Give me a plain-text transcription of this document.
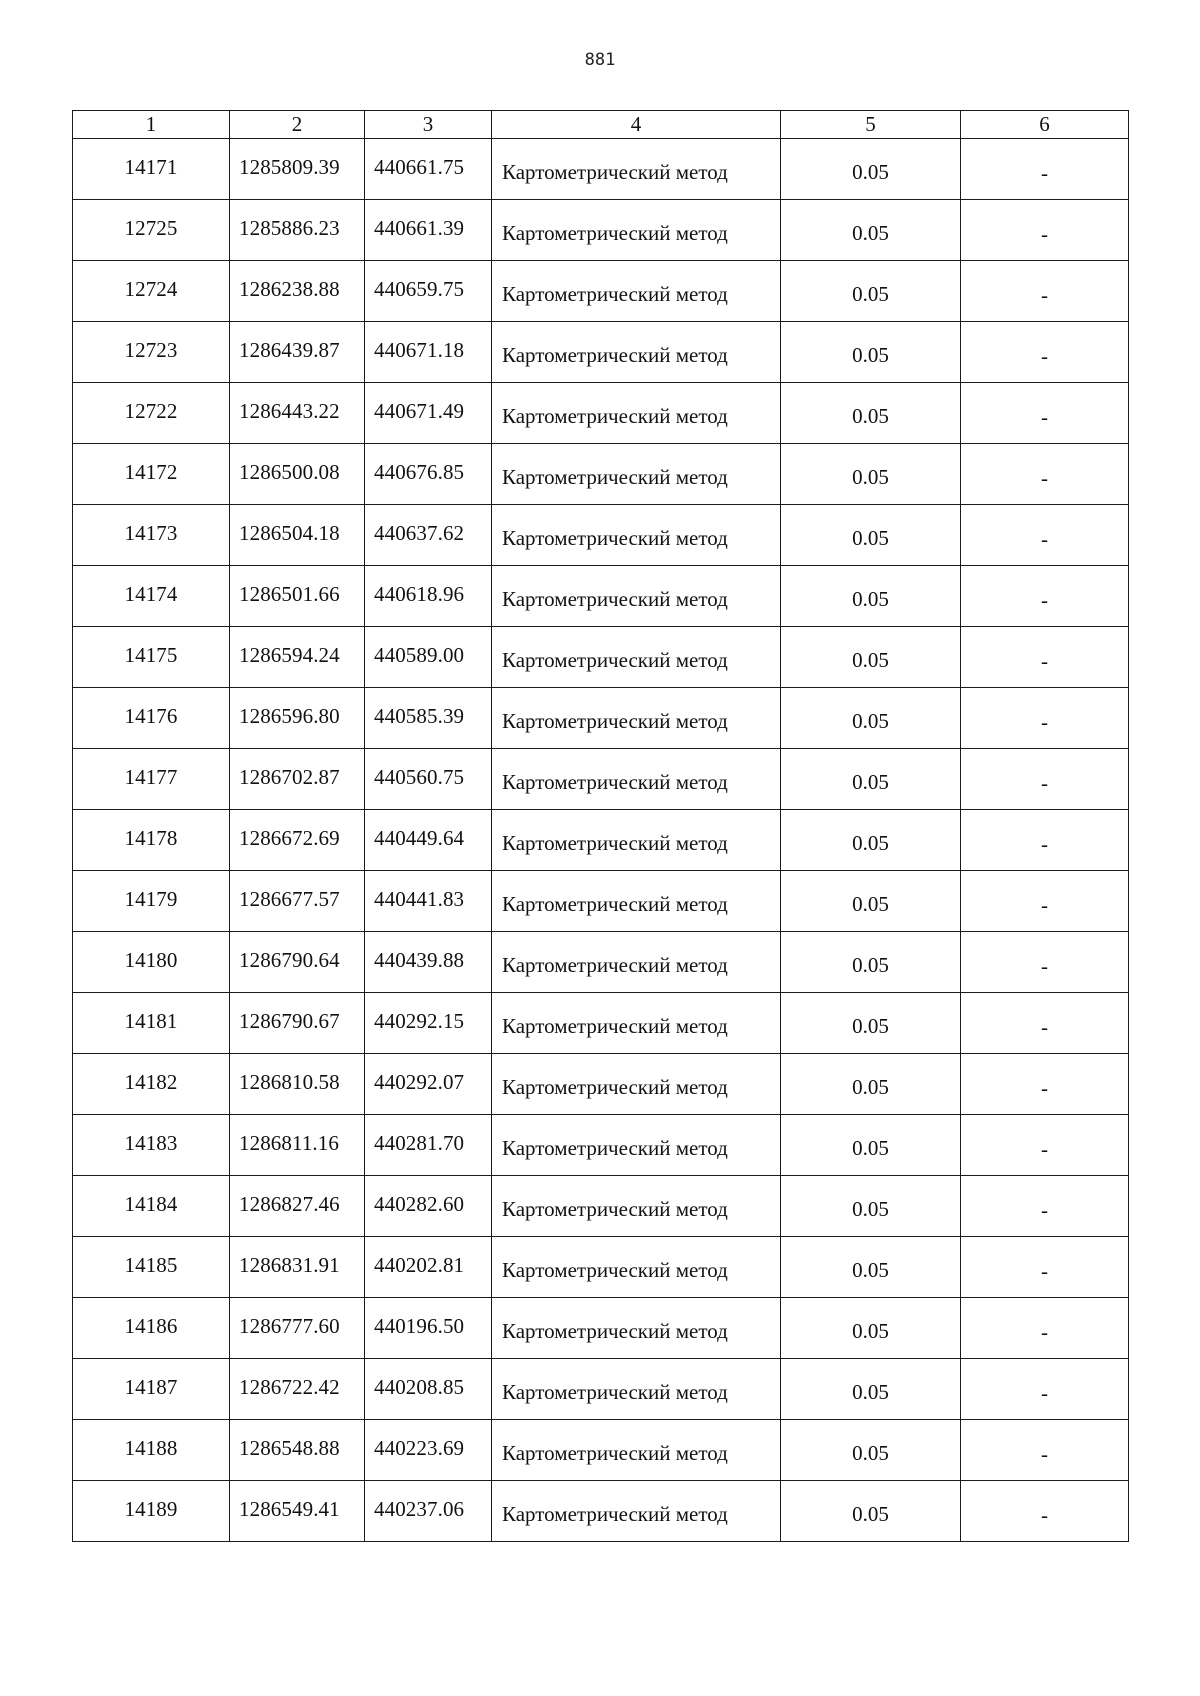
881
1	2	3	4	5	6
14171	1285809.39	440661.75	Картометрический метод	0.05	-
12725	1285886.23	440661.39	Картометрический метод	0.05	-
12724	1286238.88	440659.75	Картометрический метод	0.05	-
12723	1286439.87	440671.18	Картометрический метод	0.05	-
12722	1286443.22	440671.49	Картометрический метод	0.05	-
14172	1286500.08	440676.85	Картометрический метод	0.05	-
14173	1286504.18	440637.62	Картометрический метод	0.05	-
14174	1286501.66	440618.96	Картометрический метод	0.05	-
14175	1286594.24	440589.00	Картометрический метод	0.05	-
14176	1286596.80	440585.39	Картометрический метод	0.05	-
14177	1286702.87	440560.75	Картометрический метод	0.05	-
14178	1286672.69	440449.64	Картометрический метод	0.05	-
14179	1286677.57	440441.83	Картометрический метод	0.05	-
14180	1286790.64	440439.88	Картометрический метод	0.05	-
14181	1286790.67	440292.15	Картометрический метод	0.05	-
14182	1286810.58	440292.07	Картометрический метод	0.05	-
14183	1286811.16	440281.70	Картометрический метод	0.05	-
14184	1286827.46	440282.60	Картометрический метод	0.05	-
14185	1286831.91	440202.81	Картометрический метод	0.05	-
14186	1286777.60	440196.50	Картометрический метод	0.05	-
14187	1286722.42	440208.85	Картометрический метод	0.05	-
14188	1286548.88	440223.69	Картометрический метод	0.05	-
14189	1286549.41	440237.06	Картометрический метод	0.05	-
